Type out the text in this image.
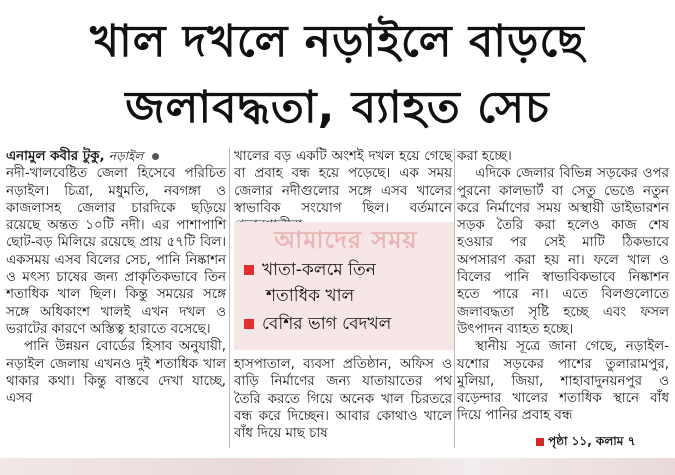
খাল দখলে নড়াইলে বাড়ছে
জলাবদ্ধতা, ব্যাহত সেচ

এনামুল কবীর টুকু, নড়াইল

নদী-খালবেষ্টিত জেলা হিসেবে পরিচিত নড়াইল। চিত্রা, মধুমতি, নবগঙ্গা ও কাজলাসহ জেলার চারদিকে ছড়িয়ে রয়েছে অন্তত ১০টি নদী। এর পাশাপাশি ছোট-বড় মিলিয়ে রয়েছে প্রায় ৫৭টি বিল। একসময় এসব বিলের সেচ, পানি নিষ্কাশন ও মৎস্য চাষের জন্য প্রাকৃতিকভাবে তিন শতাধিক খাল ছিল। কিন্তু সময়ের সঙ্গে সঙ্গে অধিকাংশ খালই এখন দখল ও ভরাটের কারণে অস্তিত্ব হারাতে বসেছে।

পানি উন্নয়ন বোর্ডের হিসাব অনুযায়ী, নড়াইল জেলায় এখনও দুই শতাধিক খাল থাকার কথা। কিন্তু বাস্তবে দেখা যাচ্ছে, এসব

খালের বড় একটি অংশই দখল হয়ে গেছে বা প্রবাহ বন্ধ হয়ে পড়েছে। এক সময় জেলার নদীগুলোর সঙ্গে এসব খালের স্বাভাবিক সংযোগ ছিল। বর্তমানে
আমাদের সময়
খাতা-কলমে তিন
শতাধিক খাল
বেশির ভাগ বেদখল
হাসপাতাল, ব্যবসা প্রতিষ্ঠান, অফিস ও বাড়ি নির্মাণের জন্য যাতায়াতের পথ তৈরি করতে গিয়ে অনেক খাল চিরতরে বন্ধ করে দিচ্ছেন। আবার কোথাও খালে বাঁধ দিয়ে মাছ চাষ

করা হচ্ছে।

এদিকে জেলার বিভিন্ন সড়কের ওপর পুরনো কালভার্ট বা সেতু ভেঙে নতুন করে নির্মাণের সময় অস্থায়ী ডাইভারশন সড়ক তৈরি করা হলেও কাজ শেষ হওয়ার পর সেই মাটি ঠিকভাবে অপসারণ করা হয় না। ফলে খাল ও বিলের পানি স্বাভাবিকভাবে নিষ্কাশন হতে পারে না। এতে বিলগুলোতে জলাবদ্ধতা সৃষ্টি হচ্ছে এবং ফসল উৎপাদন ব্যাহত হচ্ছে।

স্থানীয় সূত্রে জানা গেছে, নড়াইল-যশোর সড়কের পাশের তুলারামপুর, মুলিয়া, জিয়া, শাহাবাদুনয়নপুর ও বড়েন্দার খালের শতাধিক স্থানে বাঁধ দিয়ে পানির প্রবাহ বন্ধ

পৃষ্ঠা ১১, কলাম ৭
